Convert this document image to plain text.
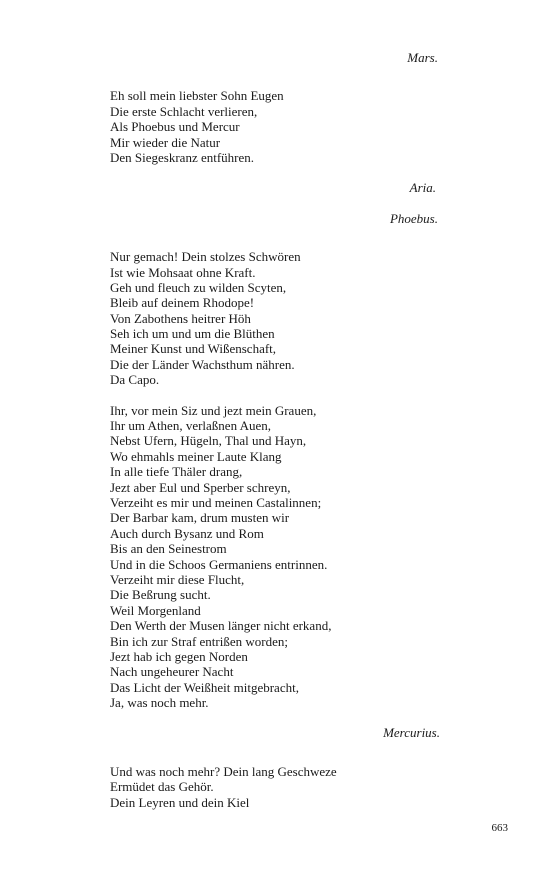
Mars.
Eh soll mein liebster Sohn Eugen
Die erste Schlacht verlieren,
Als Phoebus und Mercur
Mir wieder die Natur
Den Siegeskranz entführen.
Aria.
Phoebus.
Nur gemach! Dein stolzes Schwören
Ist wie Mohsaat ohne Kraft.
Geh und fleuch zu wilden Scyten,
Bleib auf deinem Rhodope!
Von Zabothens heitrer Höh
Seh ich um und um die Blüthen
Meiner Kunst und Wißenschaft,
Die der Länder Wachsthum nähren.
Da Capo.
Ihr, vor mein Siz und jezt mein Grauen,
Ihr um Athen, verlaßnen Auen,
Nebst Ufern, Hügeln, Thal und Hayn,
Wo ehmahls meiner Laute Klang
In alle tiefe Thäler drang,
Jezt aber Eul und Sperber schreyn,
Verzeiht es mir und meinen Castalinnen;
Der Barbar kam, drum musten wir
Auch durch Bysanz und Rom
Bis an den Seinestrom
Und in die Schoos Germaniens entrinnen.
Verzeiht mir diese Flucht,
Die Beßrung sucht.
Weil Morgenland
Den Werth der Musen länger nicht erkand,
Bin ich zur Straf entrißen worden;
Jezt hab ich gegen Norden
Nach ungeheurer Nacht
Das Licht der Weißheit mitgebracht,
Ja, was noch mehr.
Mercurius.
Und was noch mehr? Dein lang Geschweze
Ermüdet das Gehör.
Dein Leyren und dein Kiel
663
